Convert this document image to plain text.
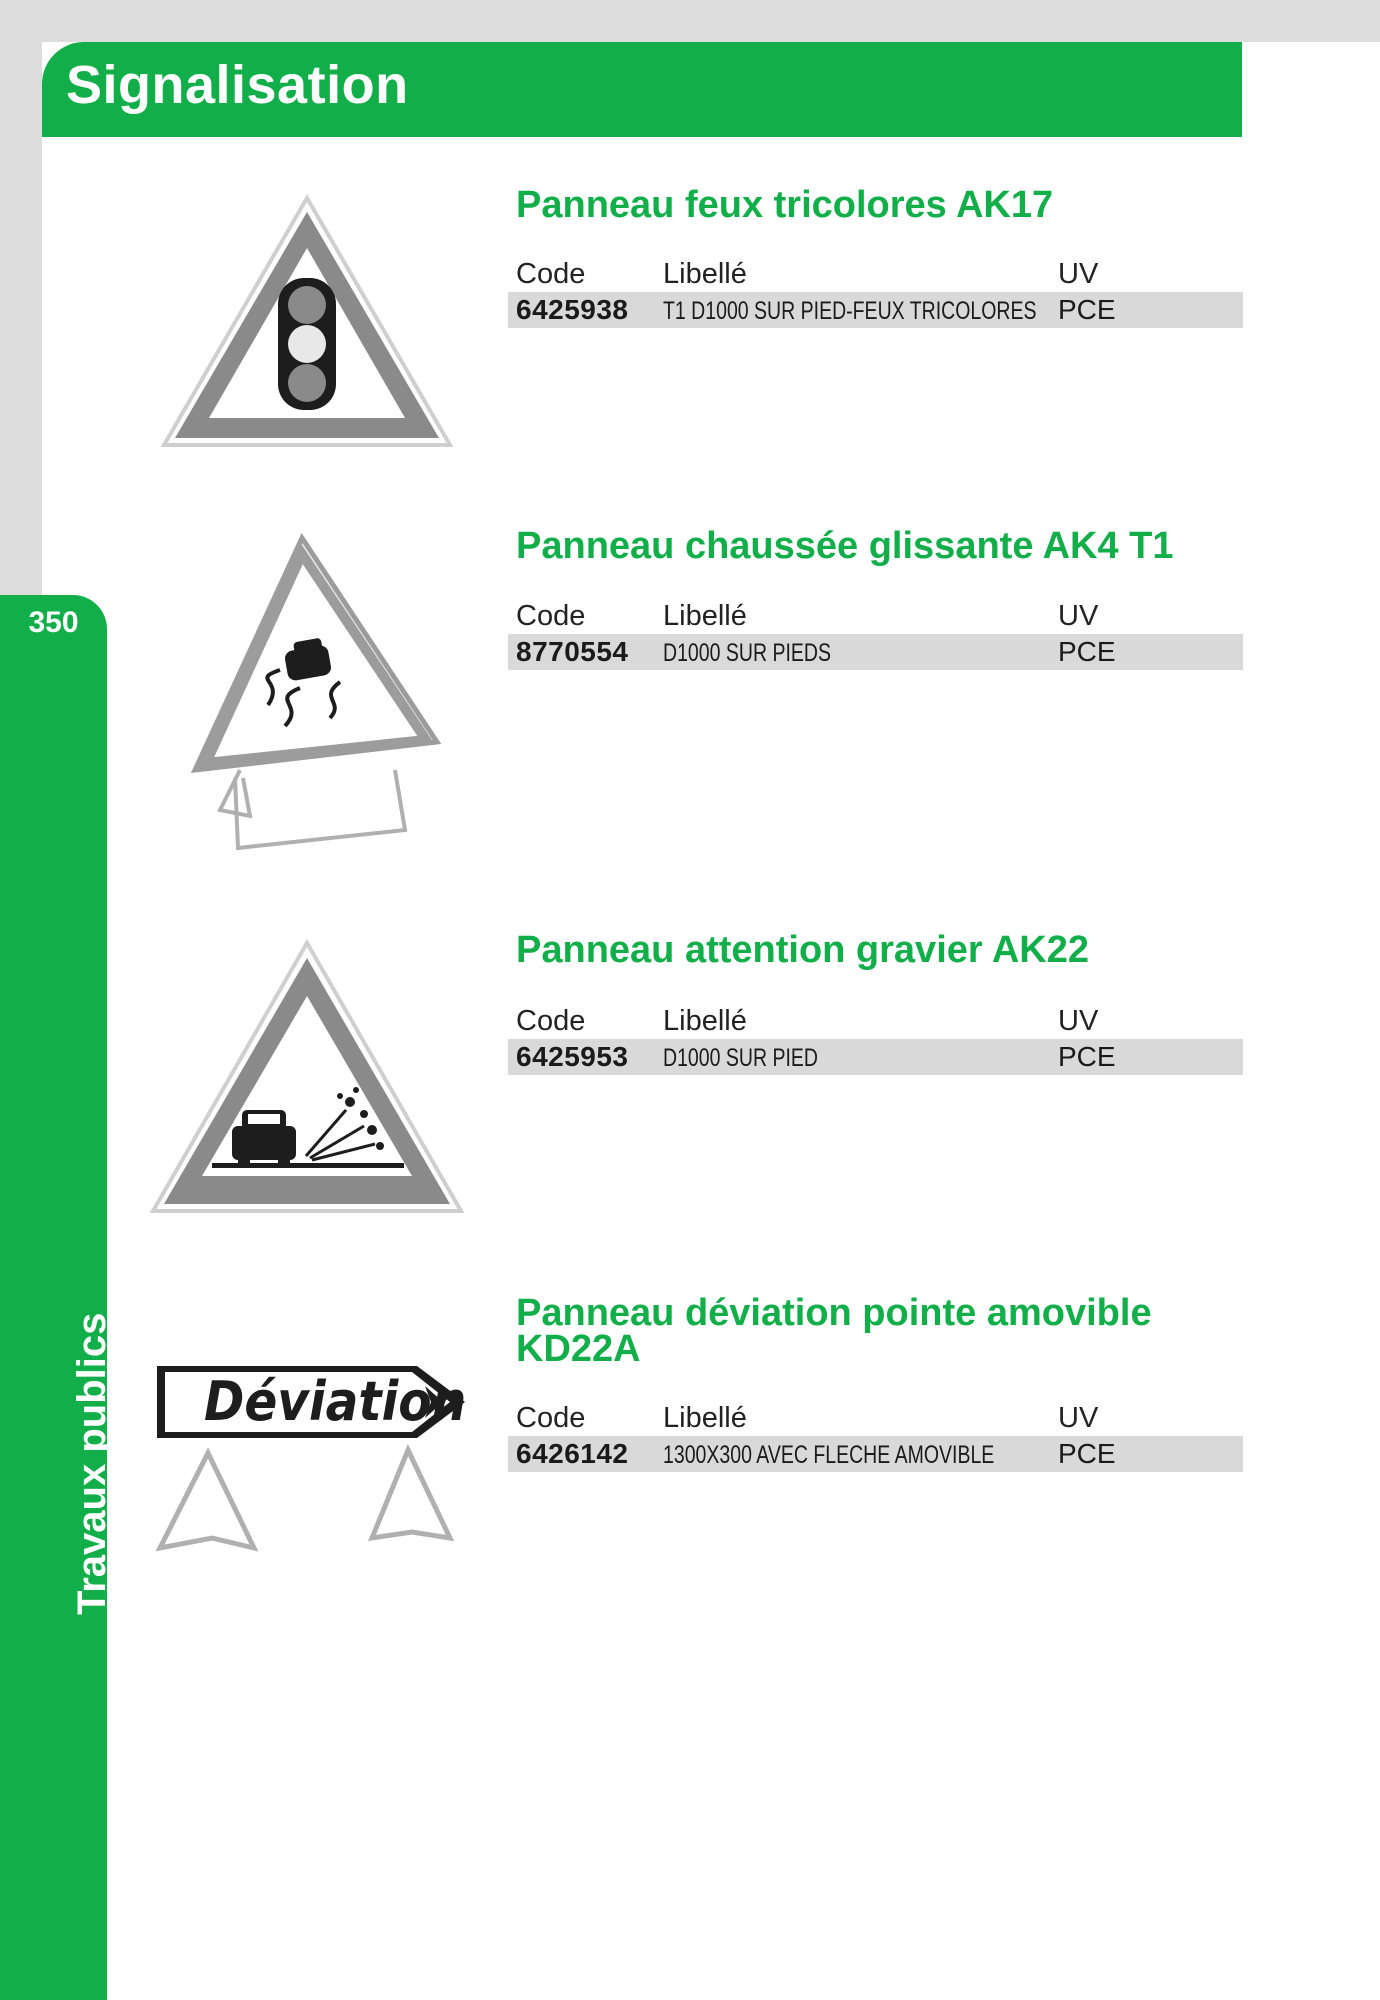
Signalisation
350
Travaux publics
Panneau feux tricolores AK17
Code	Libellé	UV
6425938 T1 D1000 SUR PIED-FEUX TRICOLORES PCE
Panneau chaussée glissante AK4 T1
Code	Libellé	UV
8770554 D1000 SUR PIEDS	PCE
Panneau attention gravier AK22
Code	Libellé	UV
6425953 D1000 SUR PIED	PCE
Déviation
Panneau déviation pointe amovible KD22A
Code	Libellé	UV
6426142 1300X300 AVEC FLECHE AMOVIBLE PCE
